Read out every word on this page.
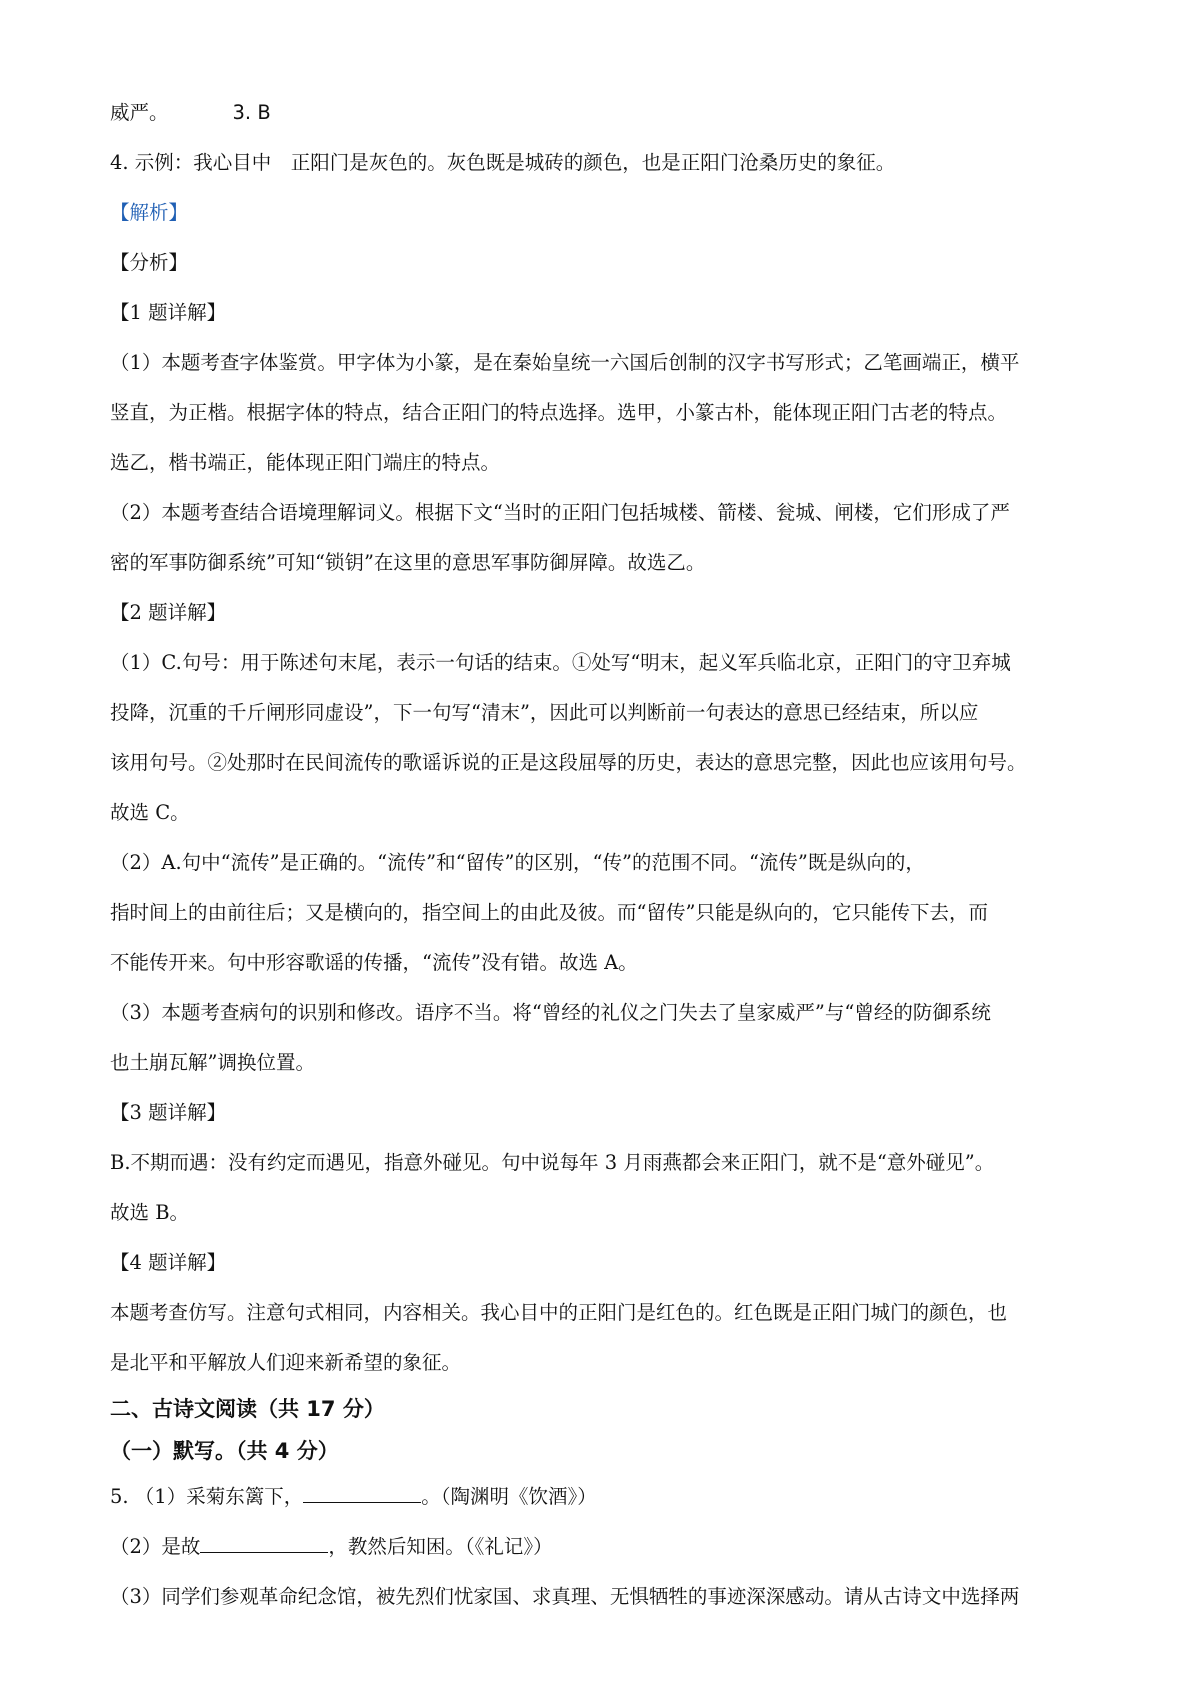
威严。	3. B
4. 示例：我心目中　正阳门是灰色的。灰色既是城砖的颜色，也是正阳门沧桑历史的象征。
【解析】
【分析】
【1 题详解】
（1）本题考查字体鉴赏。甲字体为小篆，是在秦始皇统一六国后创制的汉字书写形式；乙笔画端正，横平
竖直，为正楷。根据字体的特点，结合正阳门的特点选择。选甲，小篆古朴，能体现正阳门古老的特点。
选乙，楷书端正，能体现正阳门端庄的特点。
（2）本题考查结合语境理解词义。根据下文“当时的正阳门包括城楼、箭楼、瓮城、闸楼，它们形成了严
密的军事防御系统”可知“锁钥”在这里的意思军事防御屏障。故选乙。
【2 题详解】
（1）C.句号：用于陈述句末尾，表示一句话的结束。①处写“明末，起义军兵临北京，正阳门的守卫弃城
投降，沉重的千斤闸形同虚设”，下一句写“清末”，因此可以判断前一句表达的意思已经结束，所以应
该用句号。②处那时在民间流传的歌谣诉说的正是这段屈辱的历史，表达的意思完整，因此也应该用句号。
故选 C。
（2）A.句中“流传”是正确的。“流传”和“留传”的区别，“传”的范围不同。“流传”既是纵向的，
指时间上的由前往后；又是横向的，指空间上的由此及彼。而“留传”只能是纵向的，它只能传下去，而
不能传开来。句中形容歌谣的传播，“流传”没有错。故选 A。
（3）本题考查病句的识别和修改。语序不当。将“曾经的礼仪之门失去了皇家威严”与“曾经的防御系统
也土崩瓦解”调换位置。
【3 题详解】
B.不期而遇：没有约定而遇见，指意外碰见。句中说每年 3 月雨燕都会来正阳门，就不是“意外碰见”。
故选 B。
【4 题详解】
本题考查仿写。注意句式相同，内容相关。我心目中的正阳门是红色的。红色既是正阳门城门的颜色，也
是北平和平解放人们迎来新希望的象征。
二、古诗文阅读（共 17 分）
（一）默写。（共 4 分）
5. （1）采菊东篱下，	。（陶渊明《饮酒》）
（2）是故	，教然后知困。（《礼记》）
（3）同学们参观革命纪念馆，被先烈们忧家国、求真理、无惧牺牲的事迹深深感动。请从古诗文中选择两
